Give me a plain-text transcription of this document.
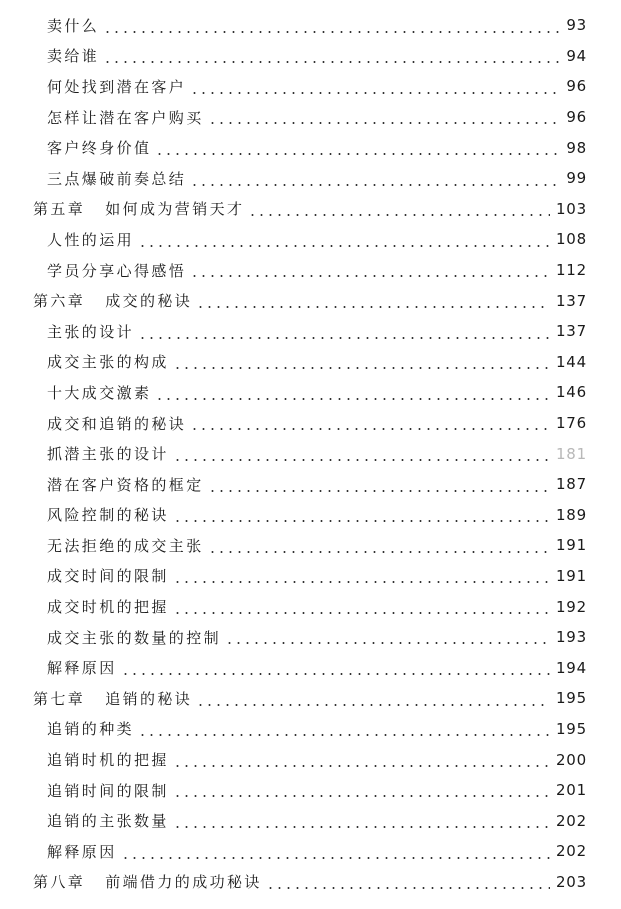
卖什么	93
卖给谁	94
何处找到潜在客户	96
怎样让潜在客户购买	96
客户终身价值	98
三点爆破前奏总结	99
第五章 如何成为营销天才	103
人性的运用	108
学员分享心得感悟	112
第六章 成交的秘诀	137
主张的设计	137
成交主张的构成	144
十大成交激素	146
成交和追销的秘诀	176
抓潜主张的设计	181
潜在客户资格的框定	187
风险控制的秘诀	189
无法拒绝的成交主张	191
成交时间的限制	191
成交时机的把握	192
成交主张的数量的控制	193
解释原因	194
第七章 追销的秘诀	195
追销的种类	195
追销时机的把握	200
追销时间的限制	201
追销的主张数量	202
解释原因	202
第八章 前端借力的成功秘诀	203
